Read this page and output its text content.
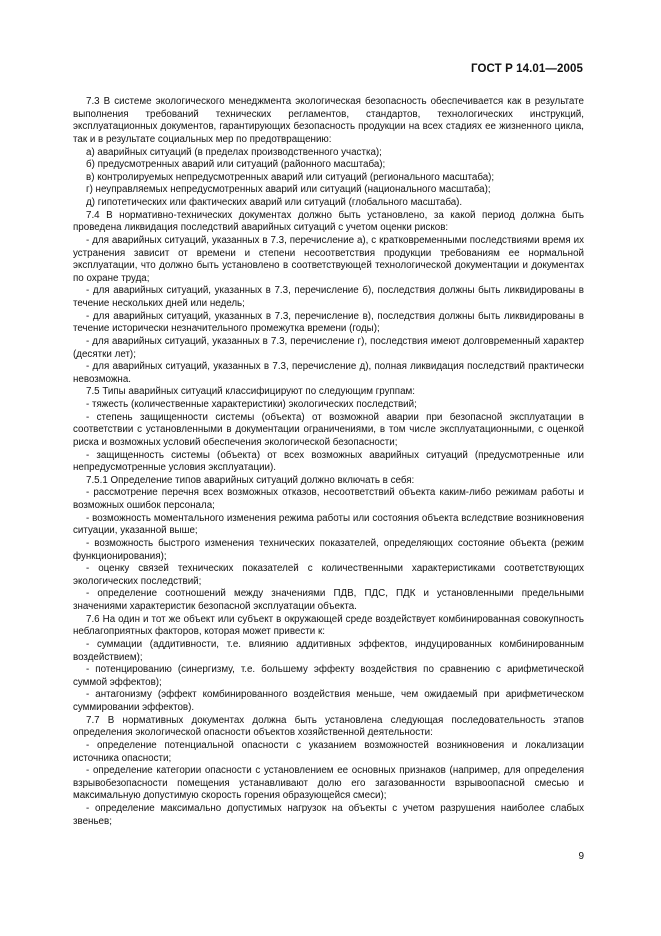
ГОСТ Р 14.01—2005

7.3 В системе экологического менеджмента экологическая безопасность обеспечивается как в результате выполнения требований технических регламентов, стандартов, технологических инструкций, эксплуатационных документов, гарантирующих безопасность продукции на всех стадиях ее жизненного цикла, так и в результате социальных мер по предотвращению:

а) аварийных ситуаций (в пределах производственного участка);

б) предусмотренных аварий или ситуаций (районного масштаба);

в) контролируемых непредусмотренных аварий или ситуаций (регионального масштаба);

г) неуправляемых непредусмотренных аварий или ситуаций (национального масштаба);

д) гипотетических или фактических аварий или ситуаций (глобального масштаба).

7.4 В нормативно-технических документах должно быть установлено, за какой период должна быть проведена ликвидация последствий аварийных ситуаций с учетом оценки рисков:

- для аварийных ситуаций, указанных в 7.3, перечисление а), с кратковременными последствиями время их устранения зависит от времени и степени несоответствия продукции требованиям ее нормальной эксплуатации, что должно быть установлено в соответствующей технологической документации и документах по охране труда;

- для аварийных ситуаций, указанных в 7.3, перечисление б), последствия должны быть ликвидированы в течение нескольких дней или недель;

- для аварийных ситуаций, указанных в 7.3, перечисление в), последствия должны быть ликвидированы в течение исторически незначительного промежутка времени (годы);

- для аварийных ситуаций, указанных в 7.3, перечисление г), последствия имеют долговременный характер (десятки лет);

- для аварийных ситуаций, указанных в 7.3, перечисление д), полная ликвидация последствий практически невозможна.

7.5 Типы аварийных ситуаций классифицируют по следующим группам:

- тяжесть (количественные характеристики) экологических последствий;

- степень защищенности системы (объекта) от возможной аварии при безопасной эксплуатации в соответствии с установленными в документации ограничениями, в том числе эксплуатационными, с оценкой риска и возможных условий обеспечения экологической безопасности;

- защищенность системы (объекта) от всех возможных аварийных ситуаций (предусмотренные или непредусмотренные условия эксплуатации).

7.5.1 Определение типов аварийных ситуаций должно включать в себя:

- рассмотрение перечня всех возможных отказов, несоответствий объекта каким-либо режимам работы и возможных ошибок персонала;

- возможность моментального изменения режима работы или состояния объекта вследствие возникновения ситуации, указанной выше;

- возможность быстрого изменения технических показателей, определяющих состояние объекта (режим функционирования);

- оценку связей технических показателей с количественными характеристиками соответствующих экологических последствий;

- определение соотношений между значениями ПДВ, ПДС, ПДК и установленными предельными значениями характеристик безопасной эксплуатации объекта.

7.6 На один и тот же объект или субъект в окружающей среде воздействует комбинированная совокупность неблагоприятных факторов, которая может привести к:

- суммации (аддитивности, т.е. влиянию аддитивных эффектов, индуцированных комбинированным воздействием);

- потенцированию (синергизму, т.е. большему эффекту воздействия по сравнению с арифметической суммой эффектов);

- антагонизму (эффект комбинированного воздействия меньше, чем ожидаемый при арифметическом суммировании эффектов).

7.7 В нормативных документах должна быть установлена следующая последовательность этапов определения экологической опасности объектов хозяйственной деятельности:

- определение потенциальной опасности с указанием возможностей возникновения и локализации источника опасности;

- определение категории опасности с установлением ее основных признаков (например, для определения взрывобезопасности помещения устанавливают долю его загазованности взрывоопасной смесью и максимальную допустимую скорость горения образующейся смеси);

- определение максимально допустимых нагрузок на объекты с учетом разрушения наиболее слабых звеньев;

9
